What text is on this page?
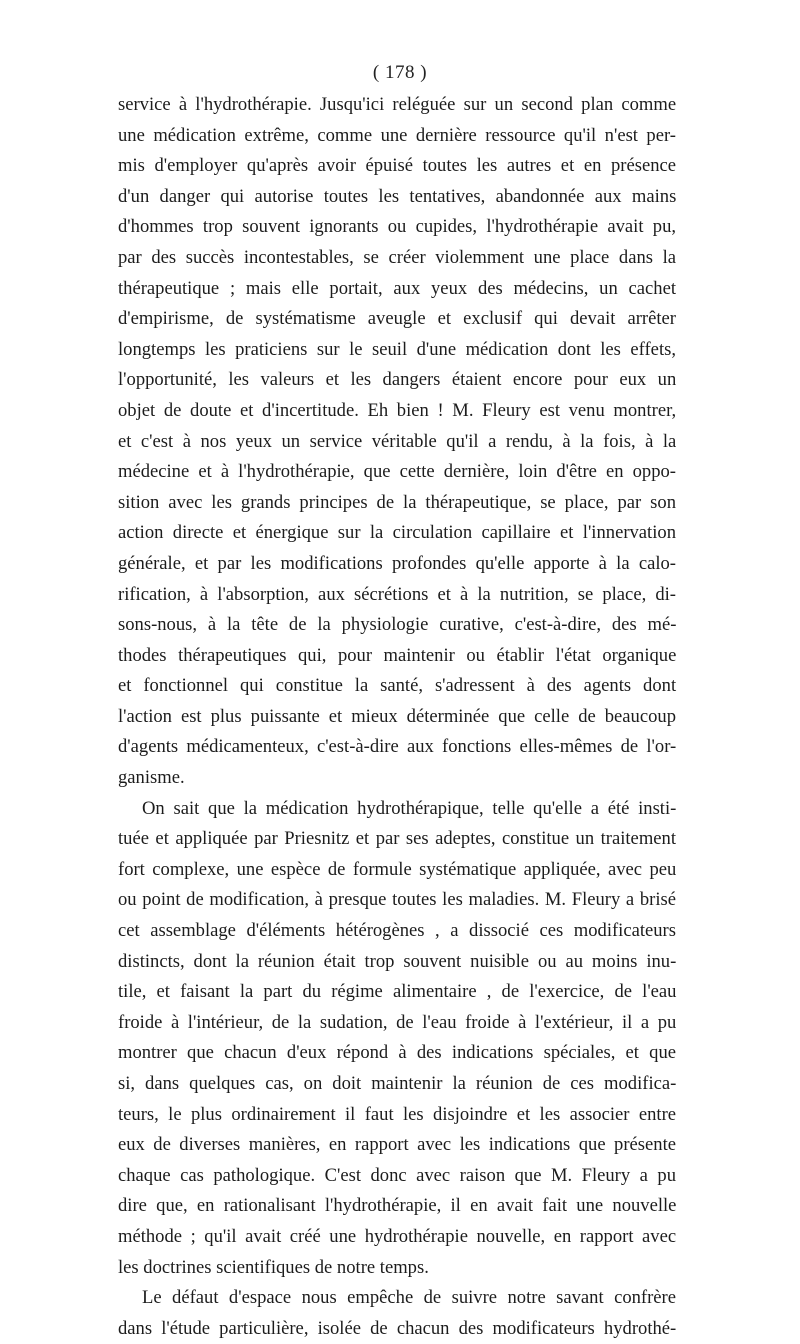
( 178 )
service à l'hydrothérapie. Jusqu'ici reléguée sur un second plan comme
une médication extrême, comme une dernière ressource qu'il n'est per-
mis d'employer qu'après avoir épuisé toutes les autres et en présence
d'un danger qui autorise toutes les tentatives, abandonnée aux mains
d'hommes trop souvent ignorants ou cupides, l'hydrothérapie avait pu,
par des succès incontestables, se créer violemment une place dans la
thérapeutique ; mais elle portait, aux yeux des médecins, un cachet
d'empirisme, de systématisme aveugle et exclusif qui devait arrêter
longtemps les praticiens sur le seuil d'une médication dont les effets,
l'opportunité, les valeurs et les dangers étaient encore pour eux un
objet de doute et d'incertitude. Eh bien ! M. Fleury est venu montrer,
et c'est à nos yeux un service véritable qu'il a rendu, à la fois, à la
médecine et à l'hydrothérapie, que cette dernière, loin d'être en oppo-
sition avec les grands principes de la thérapeutique, se place, par son
action directe et énergique sur la circulation capillaire et l'innervation
générale, et par les modifications profondes qu'elle apporte à la calo-
rification, à l'absorption, aux sécrétions et à la nutrition, se place, di-
sons-nous, à la tête de la physiologie curative, c'est-à-dire, des mé-
thodes thérapeutiques qui, pour maintenir ou établir l'état organique
et fonctionnel qui constitue la santé, s'adressent à des agents dont
l'action est plus puissante et mieux déterminée que celle de beaucoup
d'agents médicamenteux, c'est-à-dire aux fonctions elles-mêmes de l'or-
ganisme.
On sait que la médication hydrothérapique, telle qu'elle a été insti-
tuée et appliquée par Priesnitz et par ses adeptes, constitue un traitement
fort complexe, une espèce de formule systématique appliquée, avec peu
ou point de modification, à presque toutes les maladies. M. Fleury a brisé
cet assemblage d'éléments hétérogènes , a dissocié ces modificateurs
distincts, dont la réunion était trop souvent nuisible ou au moins inu-
tile, et faisant la part du régime alimentaire , de l'exercice, de l'eau
froide à l'intérieur, de la sudation, de l'eau froide à l'extérieur, il a pu
montrer que chacun d'eux répond à des indications spéciales, et que
si, dans quelques cas, on doit maintenir la réunion de ces modifica-
teurs, le plus ordinairement il faut les disjoindre et les associer entre
eux de diverses manières, en rapport avec les indications que présente
chaque cas pathologique. C'est donc avec raison que M. Fleury a pu
dire que, en rationalisant l'hydrothérapie, il en avait fait une nouvelle
méthode ; qu'il avait créé une hydrothérapie nouvelle, en rapport avec
les doctrines scientifiques de notre temps.
Le défaut d'espace nous empêche de suivre notre savant confrère
dans l'étude particulière, isolée de chacun des modificateurs hydrothé-
